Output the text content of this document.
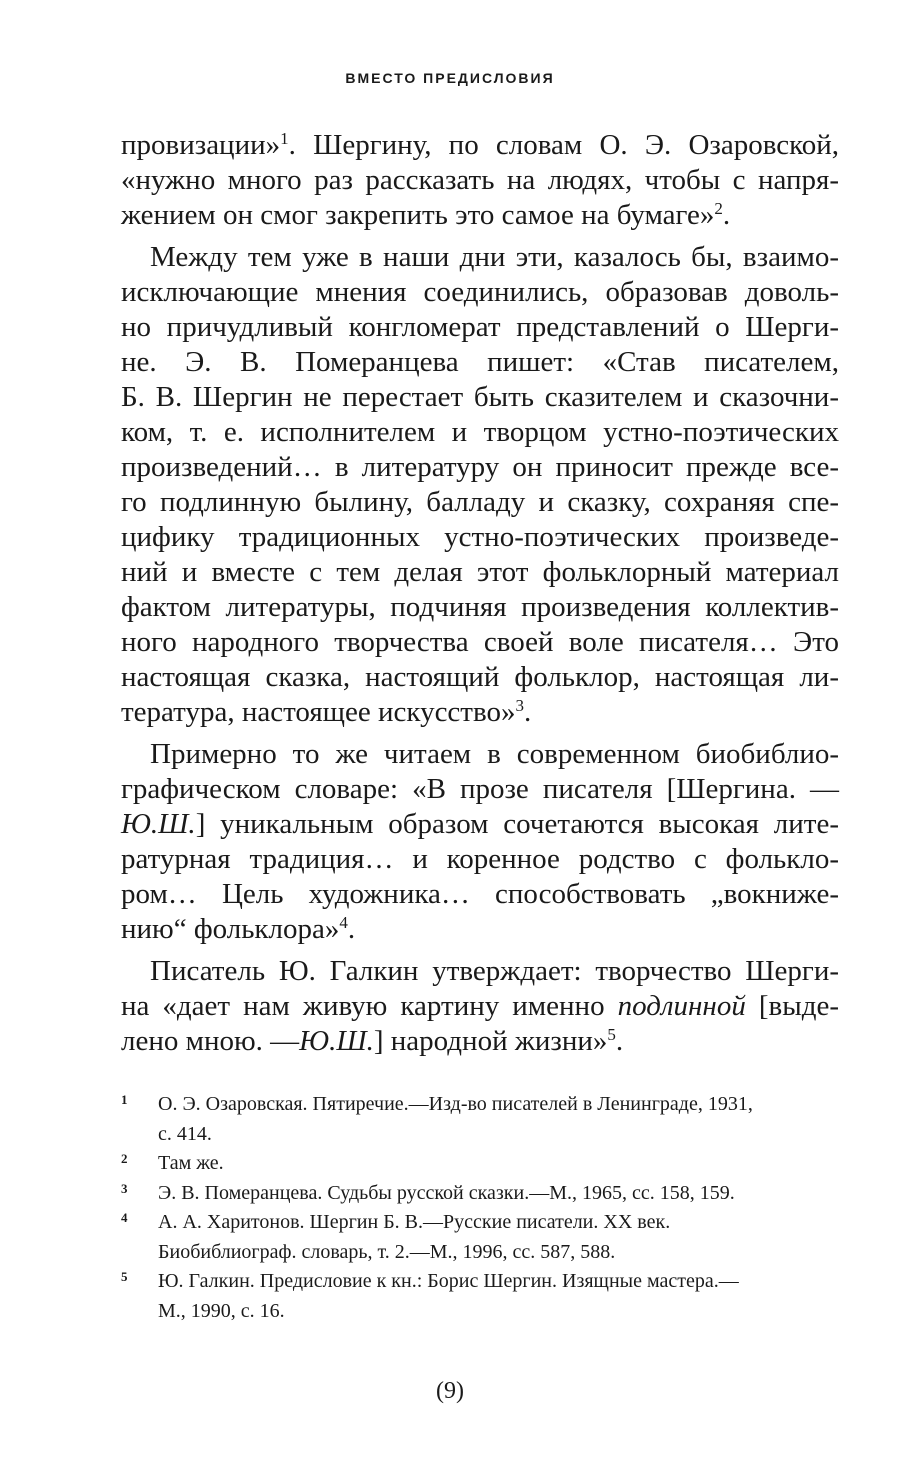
ВМЕСТО ПРЕДИСЛОВИЯ
провизации»$^1$. Шергину, по словам О. Э. Озаровской,
«нужно много раз рассказать на людях, чтобы с напря-
жением он смог закрепить это самое на бумаге»$^2$.
Между тем уже в наши дни эти, казалось бы, взаимо-
исключающие мнения соединились, образовав доволь-
но причудливый конгломерат представлений о Шерги-
не. Э. В. Померанцева пишет: «Став писателем,
Б. В. Шергин не перестает быть сказителем и сказочни-
ком, т. е. исполнителем и творцом устно-поэтических
произведений… в литературу он приносит прежде все-
го подлинную былину, балладу и сказку, сохраняя спе-
цифику традиционных устно-поэтических произведе-
ний и вместе с тем делая этот фольклорный материал
фактом литературы, подчиняя произведения коллектив-
ного народного творчества своей воле писателя… Это
настоящая сказка, настоящий фольклор, настоящая ли-
тература, настоящее искусство»$^3$.
Примерно то же читаем в современном биобиблио-
графическом словаре: «В прозе писателя [Шергина. —
Ю.Ш.] уникальным образом сочетаются высокая лите-
ратурная традиция… и коренное родство с фолькло-
ром… Цель художника… способствовать „вокниже-
нию“ фольклора»$^4$.
Писатель Ю. Галкин утверждает: творчество Шерги-
на «дает нам живую картину именно подлинной [выде-
лено мною. —Ю.Ш.] народной жизни»$^5$.
1	О. Э. Озаровская. Пятиречие.—Изд-во писателей в Ленинграде, 1931,
с. 414.
2	Там же.
3	Э. В. Померанцева. Судьбы русской сказки.—М., 1965, сс. 158, 159.
4	А. А. Харитонов. Шергин Б. В.—Русские писатели. XX век.
Биобиблиограф. словарь, т. 2.—М., 1996, сс. 587, 588.
5	Ю. Галкин. Предисловие к кн.: Борис Шергин. Изящные мастера.—
М., 1990, с. 16.
(9)
